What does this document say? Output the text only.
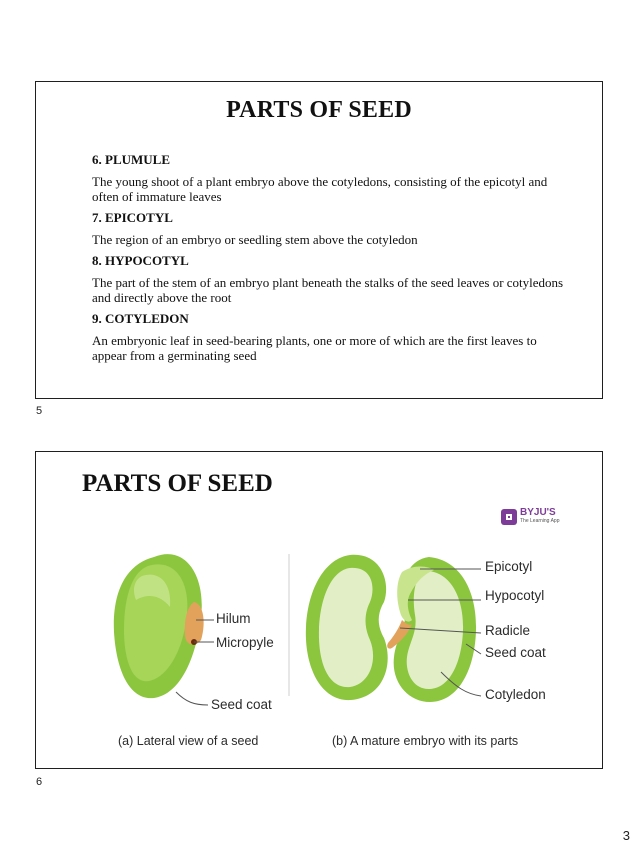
PARTS OF SEED
6. PLUMULE
The young shoot of a plant embryo above the cotyledons, consisting of the epicotyl and often of immature leaves
7. EPICOTYL
The region of an embryo or seedling stem above the cotyledon
8. HYPOCOTYL
The part of the stem of an embryo plant beneath the stalks of the seed leaves or cotyledons and directly above the root
9. COTYLEDON
An embryonic leaf in seed-bearing plants, one or more of which are the first leaves to appear from a germinating seed
5
PARTS OF SEED
BYJU'S
The Learning App
Hilum
Micropyle
Seed coat
Epicotyl
Hypocotyl
Radicle
Seed coat
Cotyledon
(a) Lateral view of a seed	(b) A mature embryo with its parts
6
3
